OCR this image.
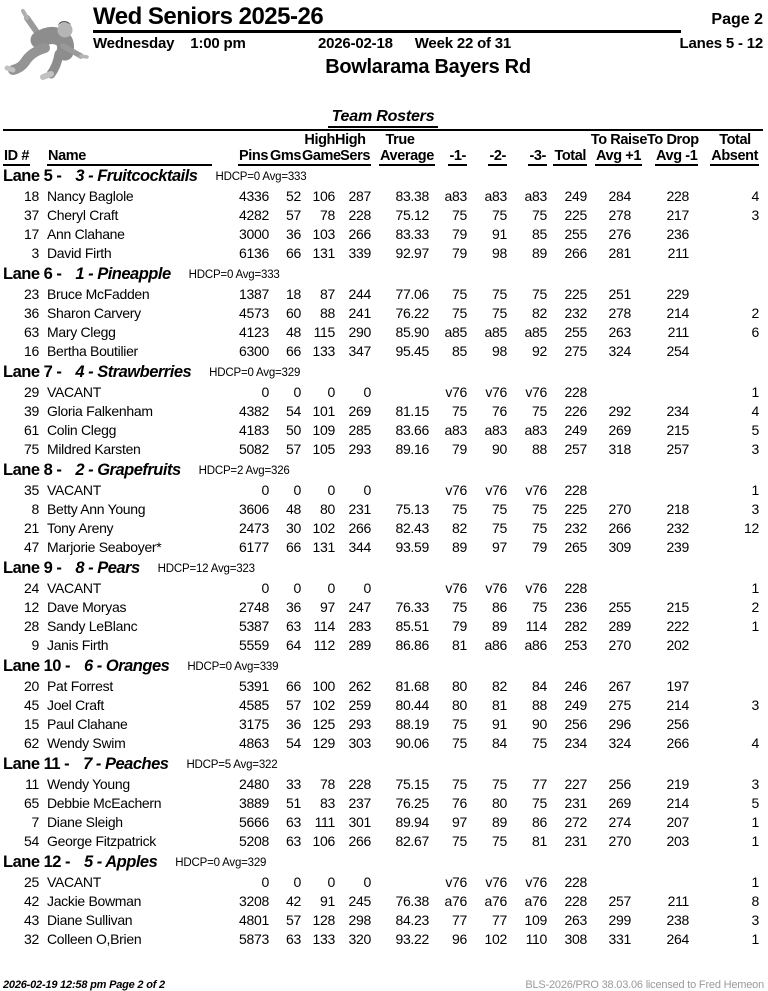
Wed Seniors 2025-26	Page 2
Wednesday 1:00 pm	2026-02-18 Week 22 of 31	Lanes 5 - 12
Bowlarama Bayers Rd
Team Rosters
High High	True	To Raise To Drop	Total
ID #	Name	Pins Gms Game Sers Average	-1-	-2-	-3- Total Avg +1	Avg -1 Absent
Lane 5 - 3 - Fruitcocktails HDCP=0 Avg=333
18 Nancy Baglole	4336	52 106 287	83.38	a83	a83	a83	249	284	228	4
37 Cheryl Craft	4282	57	78 228	75.12	75	75	75	225	278	217	3
17 Ann Clahane	3000	36 103 266	83.33	79	91	85	255	276	236
3 David Firth	6136	66 131 339	92.97	79	98	89	266	281	211
Lane 6 - 1 - Pineapple HDCP=0 Avg=333
23 Bruce McFadden	1387	18	87 244	77.06	75	75	75	225	251	229
36 Sharon Carvery	4573	60	88 241	76.22	75	75	82	232	278	214	2
63 Mary Clegg	4123	48 115 290	85.90	a85	a85	a85	255	263	211	6
16 Bertha Boutilier	6300	66 133 347	95.45	85	98	92	275	324	254
Lane 7 - 4 - Strawberries HDCP=0 Avg=329
29 VACANT	0	0	0	0	v76	v76	v76	228	1
39 Gloria Falkenham	4382	54 101 269	81.15	75	76	75	226	292	234	4
61 Colin Clegg	4183	50 109 285	83.66	a83	a83	a83	249	269	215	5
75 Mildred Karsten	5082	57 105 293	89.16	79	90	88	257	318	257	3
Lane 8 - 2 - Grapefruits HDCP=2 Avg=326
35 VACANT	0	0	0	0	v76	v76	v76	228	1
8 Betty Ann Young	3606	48	80 231	75.13	75	75	75	225	270	218	3
21 Tony Areny	2473	30 102 266	82.43	82	75	75	232	266	232	12
47 Marjorie Seaboyer*	6177	66 131 344	93.59	89	97	79	265	309	239
Lane 9 - 8 - Pears HDCP=12 Avg=323
24 VACANT	0	0	0	0	v76	v76	v76	228	1
12 Dave Moryas	2748	36	97 247	76.33	75	86	75	236	255	215	2
28 Sandy LeBlanc	5387	63 114 283	85.51	79	89	114	282	289	222	1
9 Janis Firth	5559	64 112 289	86.86	81	a86	a86	253	270	202
Lane 10 - 6 - Oranges HDCP=0 Avg=339
20 Pat Forrest	5391	66 100 262	81.68	80	82	84	246	267	197
45 Joel Craft	4585	57 102 259	80.44	80	81	88	249	275	214	3
15 Paul Clahane	3175	36 125 293	88.19	75	91	90	256	296	256
62 Wendy Swim	4863	54 129 303	90.06	75	84	75	234	324	266	4
Lane 11 - 7 - Peaches HDCP=5 Avg=322
11 Wendy Young	2480	33	78 228	75.15	75	75	77	227	256	219	3
65 Debbie McEachern	3889	51	83 237	76.25	76	80	75	231	269	214	5
7 Diane Sleigh	5666	63 111 301	89.94	97	89	86	272	274	207	1
54 George Fitzpatrick	5208	63 106 266	82.67	75	75	81	231	270	203	1
Lane 12 - 5 - Apples HDCP=0 Avg=329
25 VACANT	0	0	0	0	v76	v76	v76	228	1
42 Jackie Bowman	3208	42	91 245	76.38	a76	a76	a76	228	257	211	8
43 Diane Sullivan	4801	57 128 298	84.23	77	77	109	263	299	238	3
32 Colleen O,Brien	5873	63 133 320	93.22	96	102	110	308	331	264	1
2026-02-19 12:58 pm Page 2 of 2	BLS-2026/PRO 38.03.06 licensed to Fred Hemeon
